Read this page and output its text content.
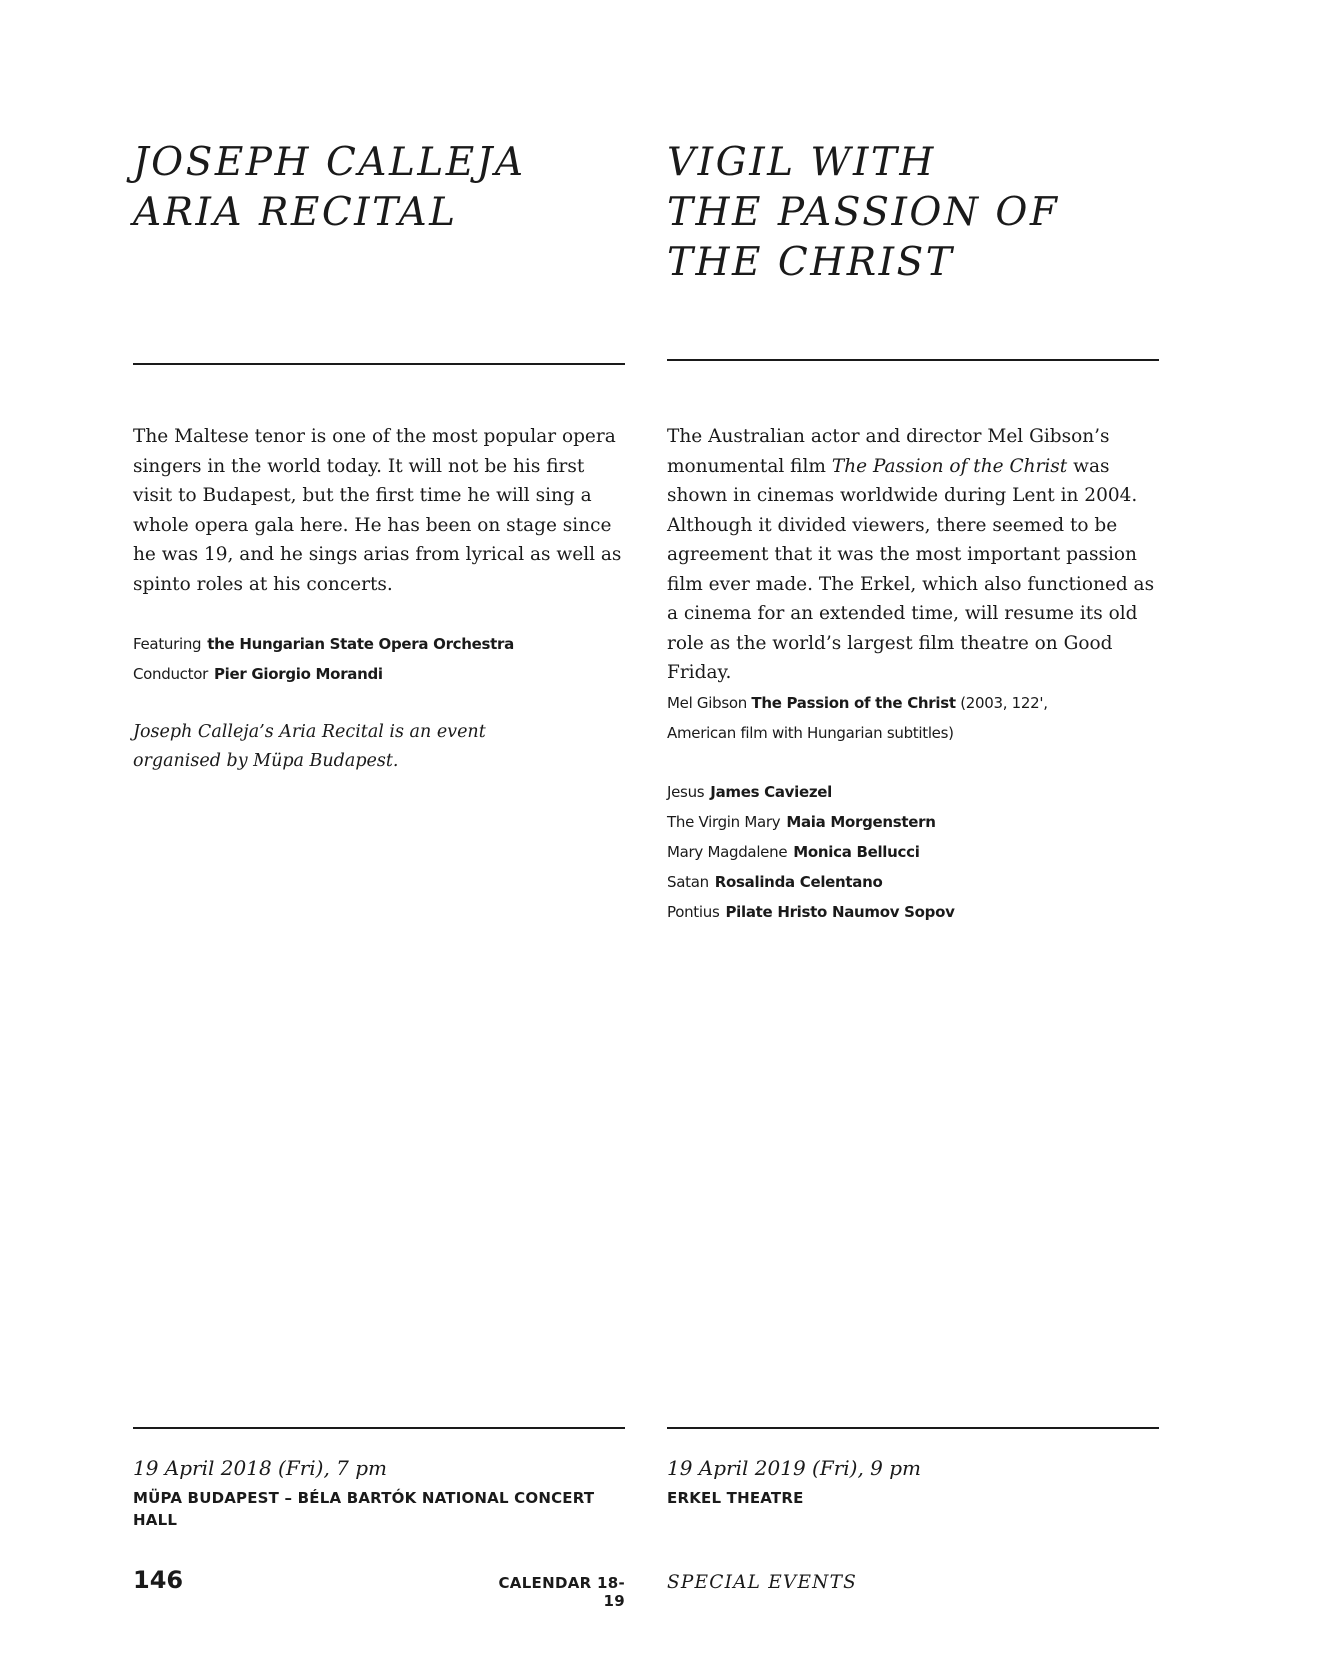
JOSEPH CALLEJA
ARIA RECITAL

The Maltese tenor is one of the most popular opera singers in the world today. It will not be his first visit to Budapest, but the first time he will sing a whole opera gala here. He has been on stage since he was 19, and he sings arias from lyrical as well as spinto roles at his concerts.

Featuring the Hungarian State Opera Orchestra
Conductor Pier Giorgio Morandi

Joseph Calleja’s Aria Recital is an event organised by Müpa Budapest.

19 April 2018 (Fri), 7 pm

MÜPA BUDAPEST – BÉLA BARTÓK NATIONAL CONCERT HALL

VIGIL WITH
THE PASSION OF
THE CHRIST

The Australian actor and director Mel Gibson’s monumental film The Passion of the Christ was shown in cinemas worldwide during Lent in 2004. Although it divided viewers, there seemed to be agreement that it was the most important passion film ever made. The Erkel, which also functioned as a cinema for an extended time, will resume its old role as the world’s largest film theatre on Good Friday.

Mel Gibson The Passion of the Christ (2003, 122', American film with Hungarian subtitles)

Jesus James Caviezel
The Virgin Mary Maia Morgenstern
Mary Magdalene Monica Bellucci
Satan Rosalinda Celentano
Pontius Pilate Hristo Naumov Sopov

19 April 2019 (Fri), 9 pm

ERKEL THEATRE

146	CALENDAR 18-19
SPECIAL EVENTS
